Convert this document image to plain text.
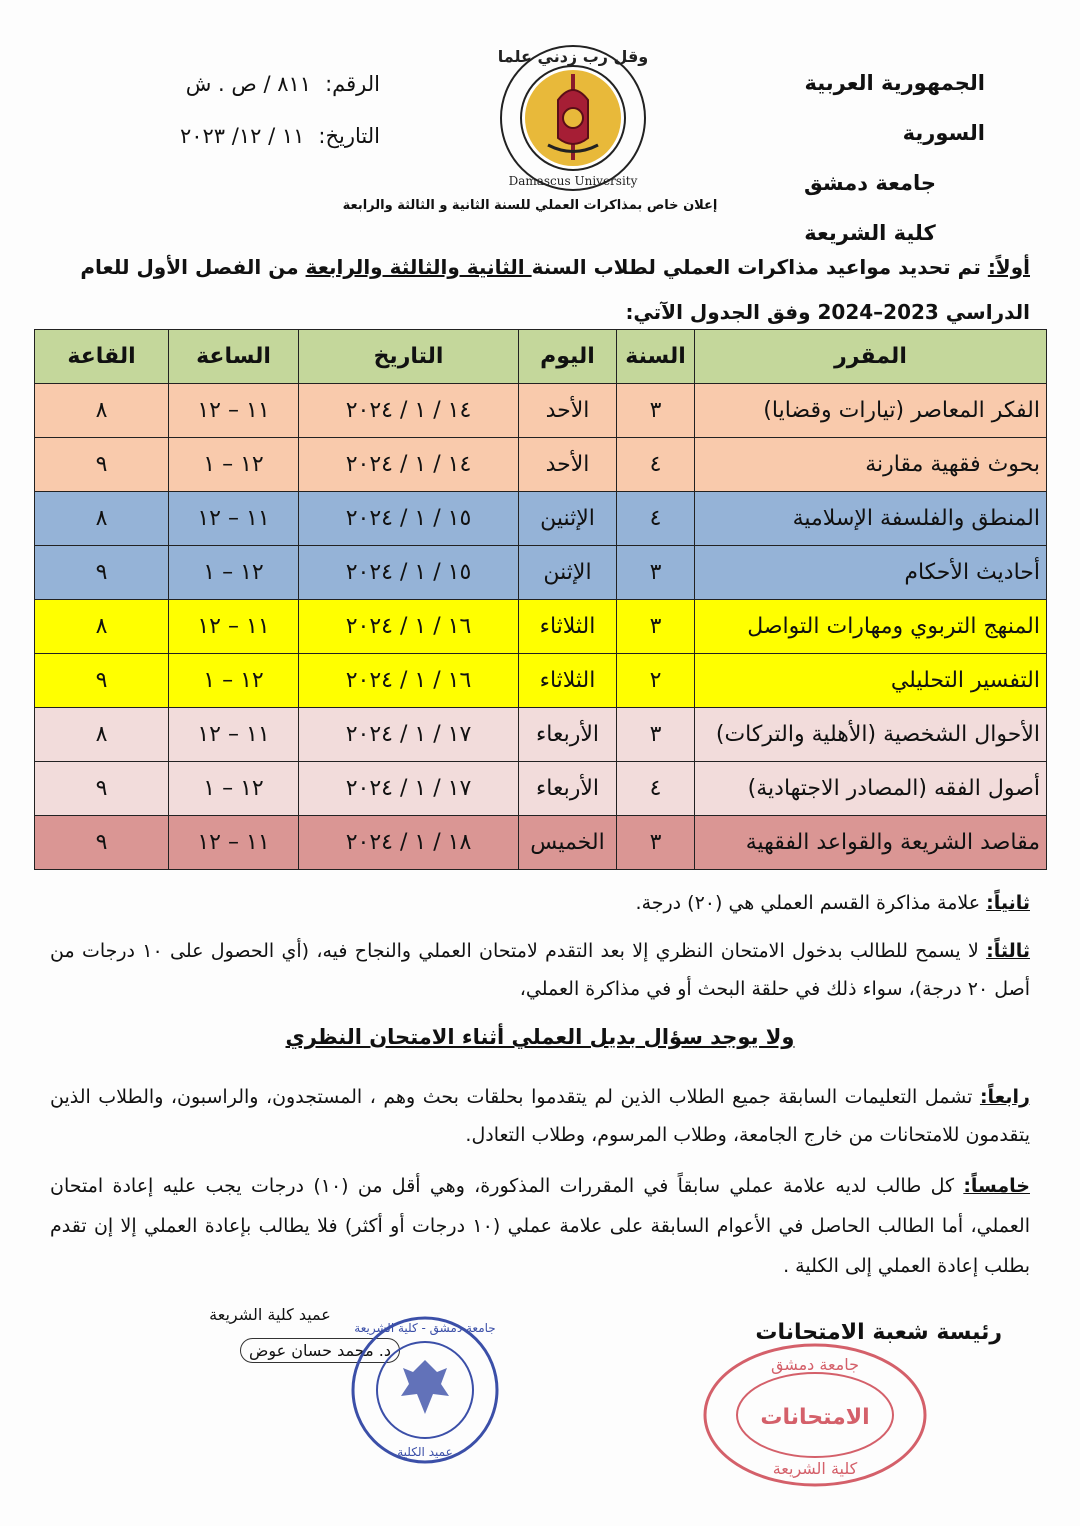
الجمهورية العربية السورية
جامعة دمشق
كلية الشريعة
الرقم:
٨١١ / ص . ش
التاريخ:
١١ / ١٢/ ٢٠٢٣
وقل رب زدني علما
Damascus University
إعلان خاص بمذاكرات العملي للسنة الثانية و الثالثة والرابعة
أولاً: تم تحديد مواعيد مذاكرات العملي لطلاب السنة الثانية والثالثة والرابعة من الفصل الأول للعام
الدراسي 2023–2024 وفق الجدول الآتي:
المقرر	السنة	اليوم	التاريخ	الساعة	القاعة
الفكر المعاصر (تيارات وقضايا)	٣	الأحد	١٤ / ١ / ٢٠٢٤	١١ – ١٢	٨
بحوث فقهية مقارنة	٤	الأحد	١٤ / ١ / ٢٠٢٤	١٢ – ١	٩
المنطق والفلسفة الإسلامية	٤	الإثنين	١٥ / ١ / ٢٠٢٤	١١ – ١٢	٨
أحاديث الأحكام	٣	الإثنن	١٥ / ١ / ٢٠٢٤	١٢ – ١	٩
المنهج التربوي ومهارات التواصل	٣	الثلاثاء	١٦ / ١ / ٢٠٢٤	١١ – ١٢	٨
التفسير التحليلي	٢	الثلاثاء	١٦ / ١ / ٢٠٢٤	١٢ – ١	٩
الأحوال الشخصية (الأهلية والتركات)	٣	الأربعاء	١٧ / ١ / ٢٠٢٤	١١ – ١٢	٨
أصول الفقه (المصادر الاجتهادية)	٤	الأربعاء	١٧ / ١ / ٢٠٢٤	١٢ – ١	٩
مقاصد الشريعة والقواعد الفقهية	٣	الخميس	١٨ / ١ / ٢٠٢٤	١١ – ١٢	٩
ثانياً: علامة مذاكرة القسم العملي هي (٢٠) درجة.
ثالثاً: لا يسمح للطالب بدخول الامتحان النظري إلا بعد التقدم لامتحان العملي والنجاح فيه، (أي الحصول على ١٠ درجات من أصل ٢٠ درجة)، سواء ذلك في حلقة البحث أو في مذاكرة العملي،
ولا يوجد سؤال بديل العملي أثناء الامتحان النظري
رابعاً: تشمل التعليمات السابقة جميع الطلاب الذين لم يتقدموا بحلقات بحث وهم ، المستجدون، والراسبون، والطلاب الذين يتقدمون للامتحانات من خارج الجامعة، وطلاب المرسوم، وطلاب التعادل.
خامساً: كل طالب لديه علامة عملي سابقاً في المقررات المذكورة، وهي أقل من (١٠) درجات يجب عليه إعادة امتحان العملي، أما الطالب الحاصل في الأعوام السابقة على علامة عملي (١٠ درجات أو أكثر) فلا يطالب بإعادة العملي إلا إن تقدم بطلب إعادة العملي إلى الكلية .
عميد كلية الشريعة
د. محمد حسان عوض
رئيسة شعبة الامتحانات
جامعة دمشق - كلية الشريعة
عميد الكلية
جامعة دمشق
الامتحانات
كلية الشريعة
